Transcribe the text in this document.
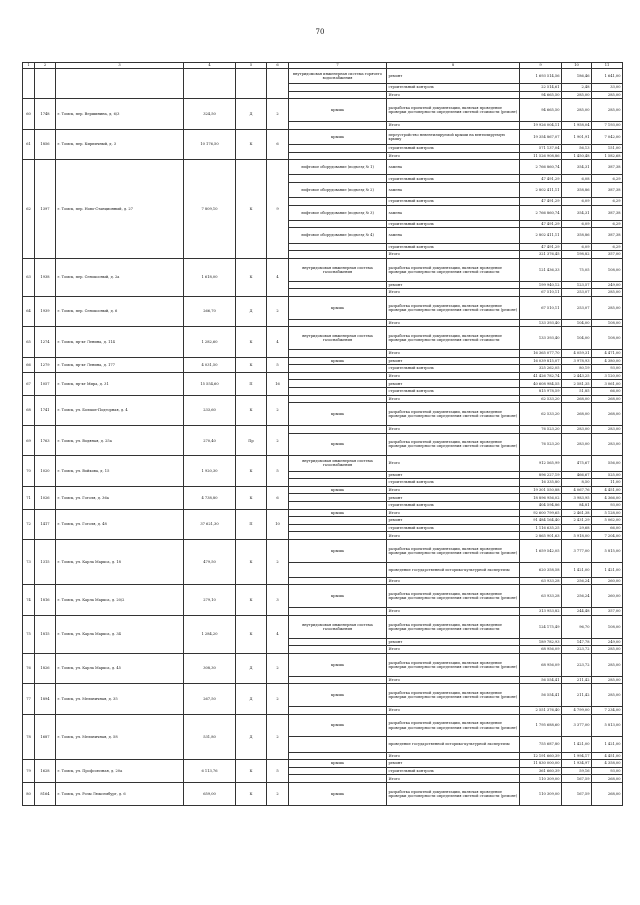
70
1	2	3	4	5	6	7	8	9	10	11
						внутридомовая инженерная система горячего водоснабжения	ремонт	1 693 514,56	186,46	1 641,00
							строительный контроль	22 514,61	2,48	33,00
							Итого	94 665,50	285,00	285,00
60	1748	г. Томск, пер. Вершинина, д. 6/3	324,50	Д	2	крыша	разработка проектной документации, включая проведение проверки достоверности определения сметной стоимости (ремонт)	94 665,50	285,00	285,00
							Итого	19 926 004,11	1 958,04	7 193,00
61	1856	г. Томск, пер. Кирпичный, д. 3	10 176,50	К	6	крыша	переустройство невентилируемой крыши на вентилируемую крышу	19 354 867,07	1 901,91	7 042,00
							строительный контроль	571 137,04	56,13	151,00
							Итого	11 526 908,86	1 450,48	1 582,68
62	1397	г. Томск, пер. Ново-Станционный, д. 27	7 809,10	К	9	лифтовое оборудование (подъезд № 1)	замена	2 766 860,74	354,31	387,38
							строительный контроль	47 491,29	6,08	6,29
						лифтовое оборудование (подъезд № 2)	замена	2 802 411,11	358,86	387,38
							строительный контроль	47 491,29	6,09	6,29
						лифтовое оборудование (подъезд № 3)	замена	2 766 860,74	354,31	387,38
							строительный контроль	47 491,29	6,09	6,29
						лифтовое оборудование (подъезд № 4)	замена	2 802 411,11	358,86	387,38
							строительный контроль	47 491,29	6,09	6,29
							Итого	321 376,45	198,82	357,00
63	1938	г. Томск, пер. Сенокосный, д. 2а	1 618,00	К	4	внутридомовая инженерная система газоснабжения	разработка проектной документации, включая проведение проверки достоверности определения сметной стоимости	121 436,33	75,05	108,00
							ремонт	199 940,12	123,57	249,00
							Итого	67 510,11	253,07	285,00
64	1939	г. Томск, пер. Сенокосный, д. 6	266,70	Д	2	крыша	разработка проектной документации, включая проведение проверки достоверности определения сметной стоимости (ремонт)	67 510,11	253,07	285,00
							Итого	133 393,40	104,00	108,00
65	1274	г. Томск, пр-кт Ленина, д. 114	1 282,60	К	4	внутридомовая инженерная система газоснабжения	разработка проектной документации, включая проведение проверки достоверности определения сметной стоимости	133 393,40	104,00	108,00
							Итого	16 365 077,70	4 059,31	4 471,00
66	1279	г. Томск, пр-кт Ленина, д. 177	4 031,50	К	5	крыша	ремонт	16 039 815,07	3 978,93	4 380,00
							строительный контроль	325 262,05	80,19	93,00
67	1057	г. Томск, пр-кт Мира, д. 31	15 554,60	П	16		Итого	41 426 782,74	2 443,25	3 120,00
							ремонт	40 608 984,55	2 581,35	3 061,00
							строительный контроль	815 978,59	51,85	66,00
68	1741	г. Томск, ул. Больше-Подгорная, д. 4	233,60	К	2		Итого	62 533,20	268,00	268,00
						крыша	разработка проектной документации, включая проведение проверки достоверности определения сметной стоимости (ремонт)	62 533,20	268,00	268,00
69	1763	г. Томск, ул. Водяная, д. 25а	270,40	Пр	2		Итого	76 523,20	283,00	283,00
						крыша	разработка проектной документации, включая проведение проверки достоверности определения сметной стоимости (ремонт)	76 523,20	283,00	283,00
70	1020	г. Томск, ул. Войкова, д. 15	1 920,30	К	5	внутридомовая инженерная система газоснабжения	Итого	912 565,99	475,67	556,00
							ремонт	896 227,19	466,67	525,00
							строительный контроль	16 335,80	8,50	11,00
71	1026	г. Томск, ул. Гоголя, д. 36а	4 738,80	К	6	крыша	Итого	19 301 550,88	4 067,76	4 451,00
							ремонт	18 896 956,02	3 983,95	4 366,00
							строительный контроль	404 594,86	84,81	93,00
72	1417	г. Томск, ул. Гоголя, д. 48	37 621,30	П	10	крыша	Итого	92 600 799,65	2 461,38	5 128,00
							ремонт	91 484 164,40	2 431,29	5 062,00
							строительный контроль	1 116 635,25	29,68	66,00
							Итого	2 865 901,63	5 918,00	7 204,00
73	1315	г. Томск, ул. Карла Маркса, д. 18	479,50	К	2	крыша	разработка проектной документации, включая проведение проверки достоверности определения сметной стоимости (ремонт)	1 659 542,05	3 777,00	5 815,00
							проведение государственной историко-культурной экспертизы	620 358,58	1 421,00	1 421,00
							Итого	63 933,28	256,24	260,00
74	1816	г. Томск, ул. Карла Маркса, д. 20/2	279,10	К	3	крыша	разработка проектной документации, включая проведение проверки достоверности определения сметной стоимости (ремонт)	63 933,28	256,24	260,00
							Итого	313 953,82	244,48	357,00
75	1815	г. Томск, ул. Карла Маркса, д. 34	1 284,20	К	4	внутридомовая инженерная система газоснабжения	разработка проектной документации, включая проведение проверки достоверности определения сметной стоимости	124 175,49	96,70	108,00
							ремонт	189 782,93	147,78	249,00
							Итого	68 956,09	223,72	285,00
76	1826	г. Томск, ул. Карла Маркса, д. 45	308,30	Д	2	крыша	разработка проектной документации, включая проведение проверки достоверности определения сметной стоимости (ремонт)	68 956,09	223,72	285,00
							Итого	56 554,41	211,42	285,00
77	1894	г. Томск, ул. Мельничная, д. 35	267,50	Д	2	крыша	разработка проектной документации, включая проведение проверки достоверности определения сметной стоимости (ремонт)	56 554,41	211,42	285,00
							Итого	2 551 376,40	4 799,00	7 234,00
78	1687	г. Томск, ул. Мельничная, д. 58	531,80	Д	2	крыша	разработка проектной документации, включая проведение проверки достоверности определения сметной стоимости (ремонт)	1 795 688,60	3 377,00	5 813,00
							проведение государственной историко-культурной экспертизы	755 687,80	1 421,00	1 421,00
							Итого	12 191 660,39	1 994,17	4 451,00
79	1628	г. Томск, ул. Профсоюзная, д. 20а	6 113,76	К	5	крыша	ремонт	11 830 000,00	1 934,97	4 358,00
							строительный контроль	361 660,39	59,16	93,00
							Итого	110 309,00	167,59	268,00
80	8164	г. Томск, ул. Розы Люксембург, д. 6	659,00	К	2	крыша	разработка проектной документации, включая проведение проверки достоверности определения сметной стоимости (ремонт)	110 309,00	167,59	268,00
